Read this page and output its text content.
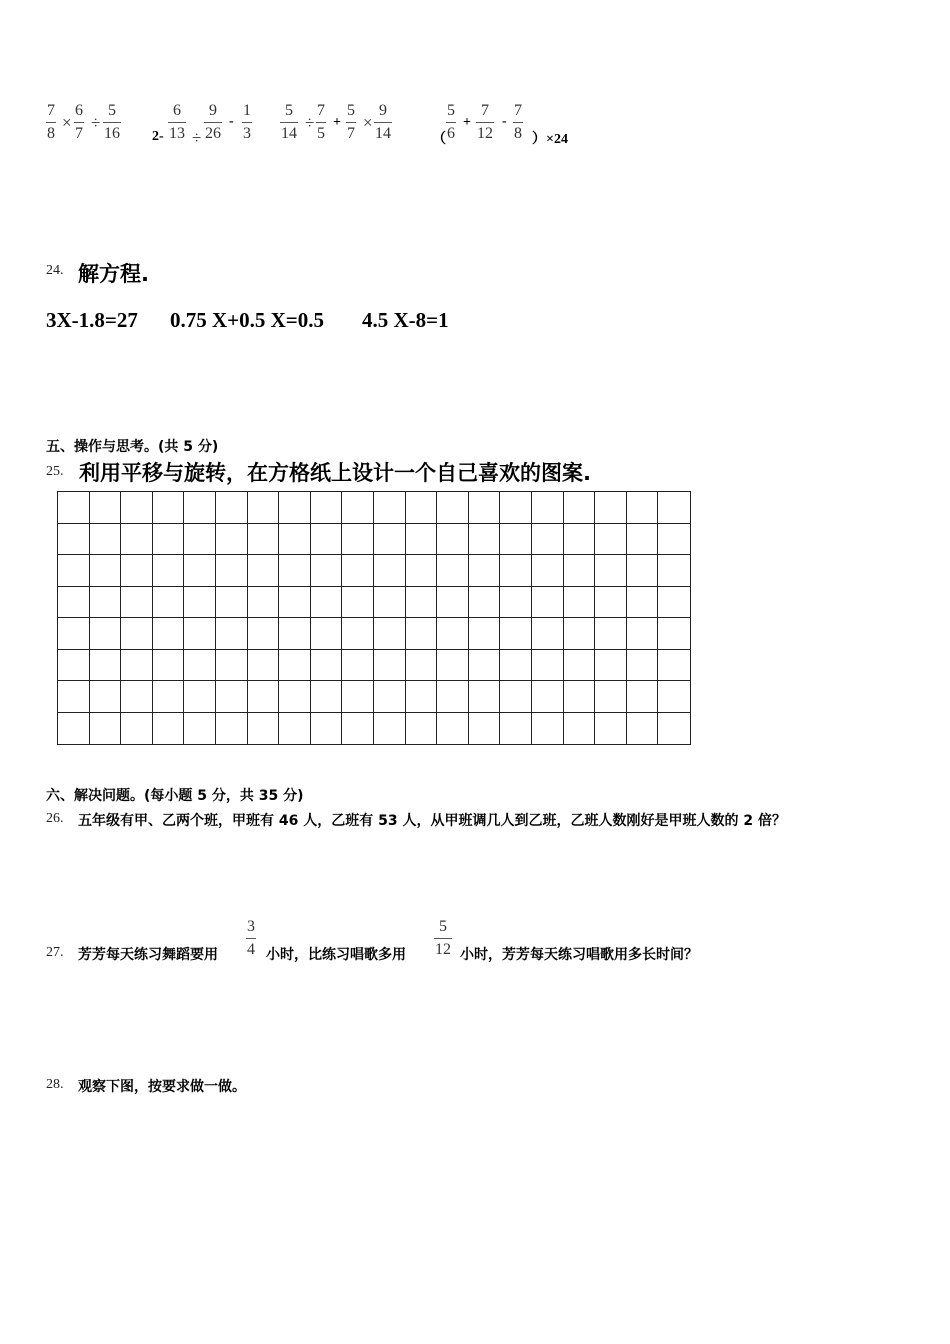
7
8
×
6
7
÷
5
16 2-
6
13 ÷
9
26
-
1
3
5
14
÷
7
5
+
5
7
×
9
14	（
5
6
+
7
12
-
7
8 ）×24
24. 解方程.
3X-1.8=27 0.75 X+0.5 X=0.5 4.5 X-8=1
五、操作与思考。(共 5 分)
25. 利用平移与旋转，在方格纸上设计一个自己喜欢的图案.
六、解决问题。(每小题 5 分，共 35 分)
26. 五年级有甲、乙两个班，甲班有 46 人，乙班有 53 人，从甲班调几人到乙班，乙班人数刚好是甲班人数的 2 倍？
27. 芳芳每天练习舞蹈要用
3
4 小时，比练习唱歌多用
5
12 小时，芳芳每天练习唱歌用多长时间？
28. 观察下图，按要求做一做。
